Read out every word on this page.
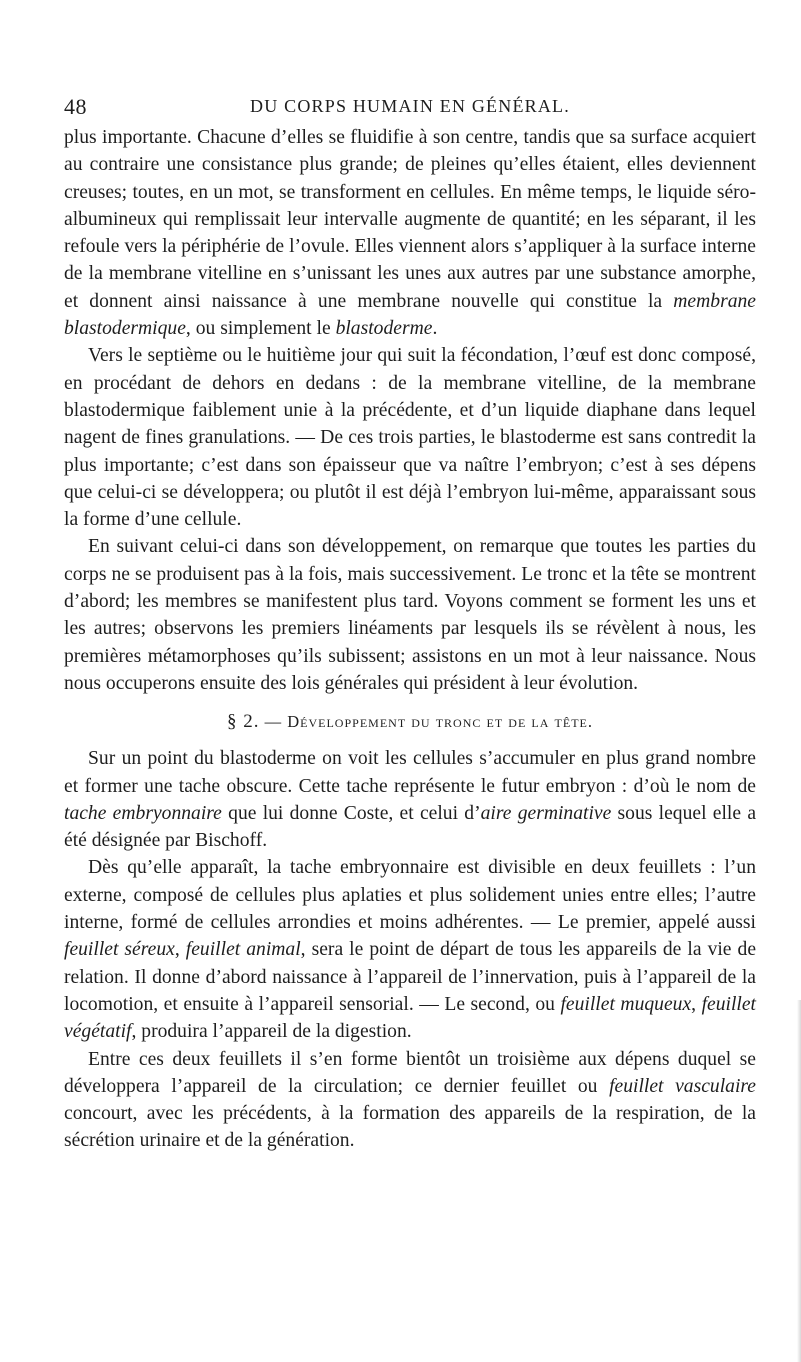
48	DU CORPS HUMAIN EN GÉNÉRAL.

plus importante. Chacune d’elles se fluidifie à son centre, tandis que sa surface acquiert au contraire une consistance plus grande; de pleines qu’elles étaient, elles deviennent creuses; toutes, en un mot, se transforment en cellules. En même temps, le liquide séro-albumineux qui remplissait leur intervalle augmente de quantité; en les séparant, il les refoule vers la périphérie de l’ovule. Elles viennent alors s’appliquer à la surface interne de la membrane vitelline en s’unissant les unes aux autres par une substance amorphe, et donnent ainsi naissance à une membrane nouvelle qui constitue la membrane blastodermique, ou simplement le blastoderme.

Vers le septième ou le huitième jour qui suit la fécondation, l’œuf est donc composé, en procédant de dehors en dedans : de la membrane vitelline, de la membrane blastodermique faiblement unie à la précédente, et d’un liquide diaphane dans lequel nagent de fines granulations. — De ces trois parties, le blastoderme est sans contredit la plus importante; c’est dans son épaisseur que va naître l’embryon; c’est à ses dépens que celui-ci se développera; ou plutôt il est déjà l’embryon lui-même, apparaissant sous la forme d’une cellule.

En suivant celui-ci dans son développement, on remarque que toutes les parties du corps ne se produisent pas à la fois, mais successivement. Le tronc et la tête se montrent d’abord; les membres se manifestent plus tard. Voyons comment se forment les uns et les autres; observons les premiers linéaments par lesquels ils se révèlent à nous, les premières métamorphoses qu’ils subissent; assistons en un mot à leur naissance. Nous nous occuperons ensuite des lois générales qui président à leur évolution.

§ 2. — Développement du tronc et de la tête.

Sur un point du blastoderme on voit les cellules s’accumuler en plus grand nombre et former une tache obscure. Cette tache représente le futur embryon : d’où le nom de tache embryonnaire que lui donne Coste, et celui d’aire germinative sous lequel elle a été désignée par Bischoff.

Dès qu’elle apparaît, la tache embryonnaire est divisible en deux feuillets : l’un externe, composé de cellules plus aplaties et plus solidement unies entre elles; l’autre interne, formé de cellules arrondies et moins adhérentes. — Le premier, appelé aussi feuillet séreux, feuillet animal, sera le point de départ de tous les appareils de la vie de relation. Il donne d’abord naissance à l’appareil de l’innervation, puis à l’appareil de la locomotion, et ensuite à l’appareil sensorial. — Le second, ou feuillet muqueux, feuillet végétatif, produira l’appareil de la digestion.

Entre ces deux feuillets il s’en forme bientôt un troisième aux dépens duquel se développera l’appareil de la circulation; ce dernier feuillet ou feuillet vasculaire concourt, avec les précédents, à la formation des appareils de la respiration, de la sécrétion urinaire et de la génération.
